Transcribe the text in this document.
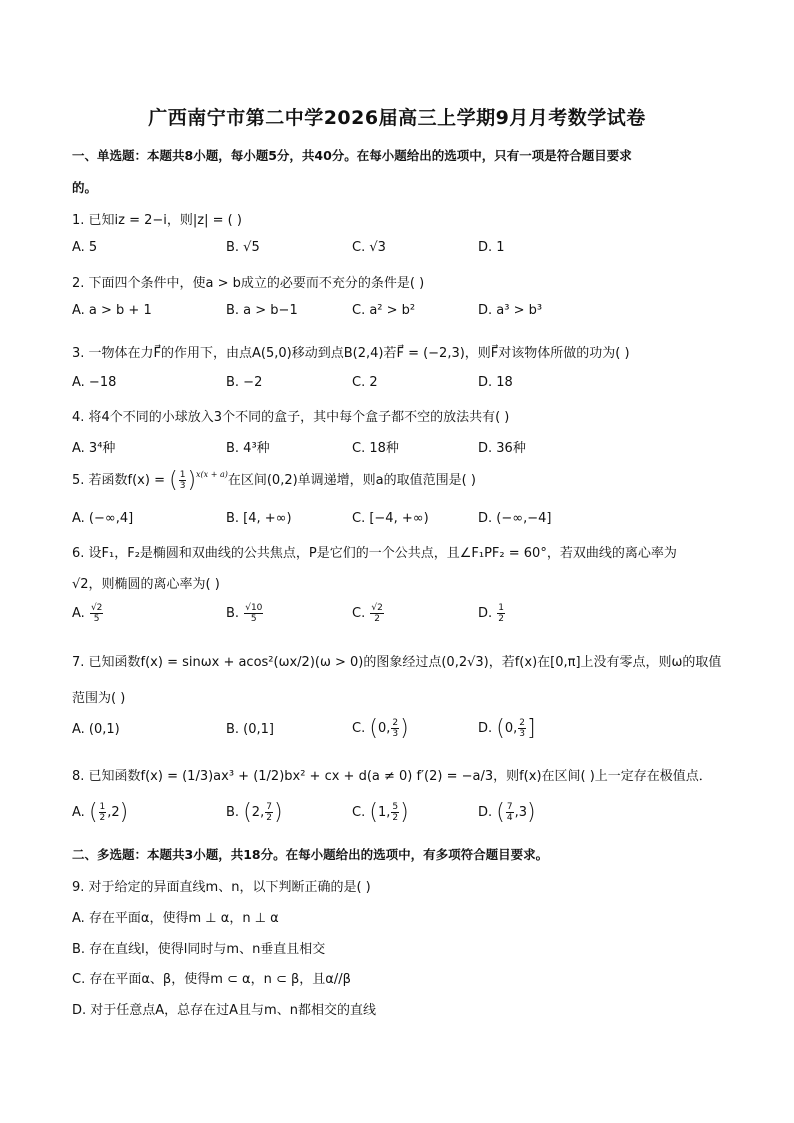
广西南宁市第二中学2026届高三上学期9月月考数学试卷
一、单选题：本题共8小题，每小题5分，共40分。在每小题给出的选项中，只有一项是符合题目要求
的。
1. 已知iz = 2−i，则|z| = ( )
A. 5	B. √5	C. √3	D. 1
2. 下面四个条件中，使a > b成立的必要而不充分的条件是( )
A. a > b + 1	B. a > b−1	C. a² > b²	D. a³ > b³
3. 一物体在力F⃗的作用下，由点A(5,0)移动到点B(2,4)若F⃗ = (−2,3)，则F⃗对该物体所做的功为( )
A. −18	B. −2	C. 2	D. 18
4. 将4个不同的小球放入3个不同的盒子，其中每个盒子都不空的放法共有( )
A. 3⁴种	B. 4³种	C. 18种	D. 36种
5. 若函数f(x) = ( $\frac{1}{3} )^{x(x + a)}$在区间(0,2)单调递增，则a的取值范围是( )
A. (−∞,4]	B. [4, +∞)	C. [−4, +∞)	D. (−∞,−4]
6. 设F₁，F₂是椭圆和双曲线的公共焦点，P是它们的一个公共点，且∠F₁PF₂ = 60°，若双曲线的离心率为
√2，则椭圆的离心率为( )
A. $\frac{√2}{5}$	B. $\frac{√10}{5}$	C. $\frac{√2}{2}$	D. $\frac{1}{2}$
7. 已知函数f(x) = sinωx + acos²(ωx/2)(ω > 0)的图象经过点(0,2√3)，若f(x)在[0,π]上没有零点，则ω的取值
范围为( )
A. (0,1)	B. (0,1]	C. (0, $\frac{2}{3}$ )	D. (0, $\frac{2}{3}$ ]
8. 已知函数f(x) = (1/3)ax³ + (1/2)bx² + cx + d(a ≠ 0) f′(2) = −a/3，则f(x)在区间( )上一定存在极值点．
A. ( $\frac{1}{2} ,2$)	B. (2, $\frac{7}{2}$ )	C. (1, $\frac{5}{2}$ )	D. ( $\frac{7}{4} ,3$)
二、多选题：本题共3小题，共18分。在每小题给出的选项中，有多项符合题目要求。
9. 对于给定的异面直线m、n，以下判断正确的是( )
A. 存在平面α，使得m ⊥ α，n ⊥ α
B. 存在直线l，使得l同时与m、n垂直且相交
C. 存在平面α、β，使得m ⊂ α，n ⊂ β，且α//β
D. 对于任意点A，总存在过A且与m、n都相交的直线
